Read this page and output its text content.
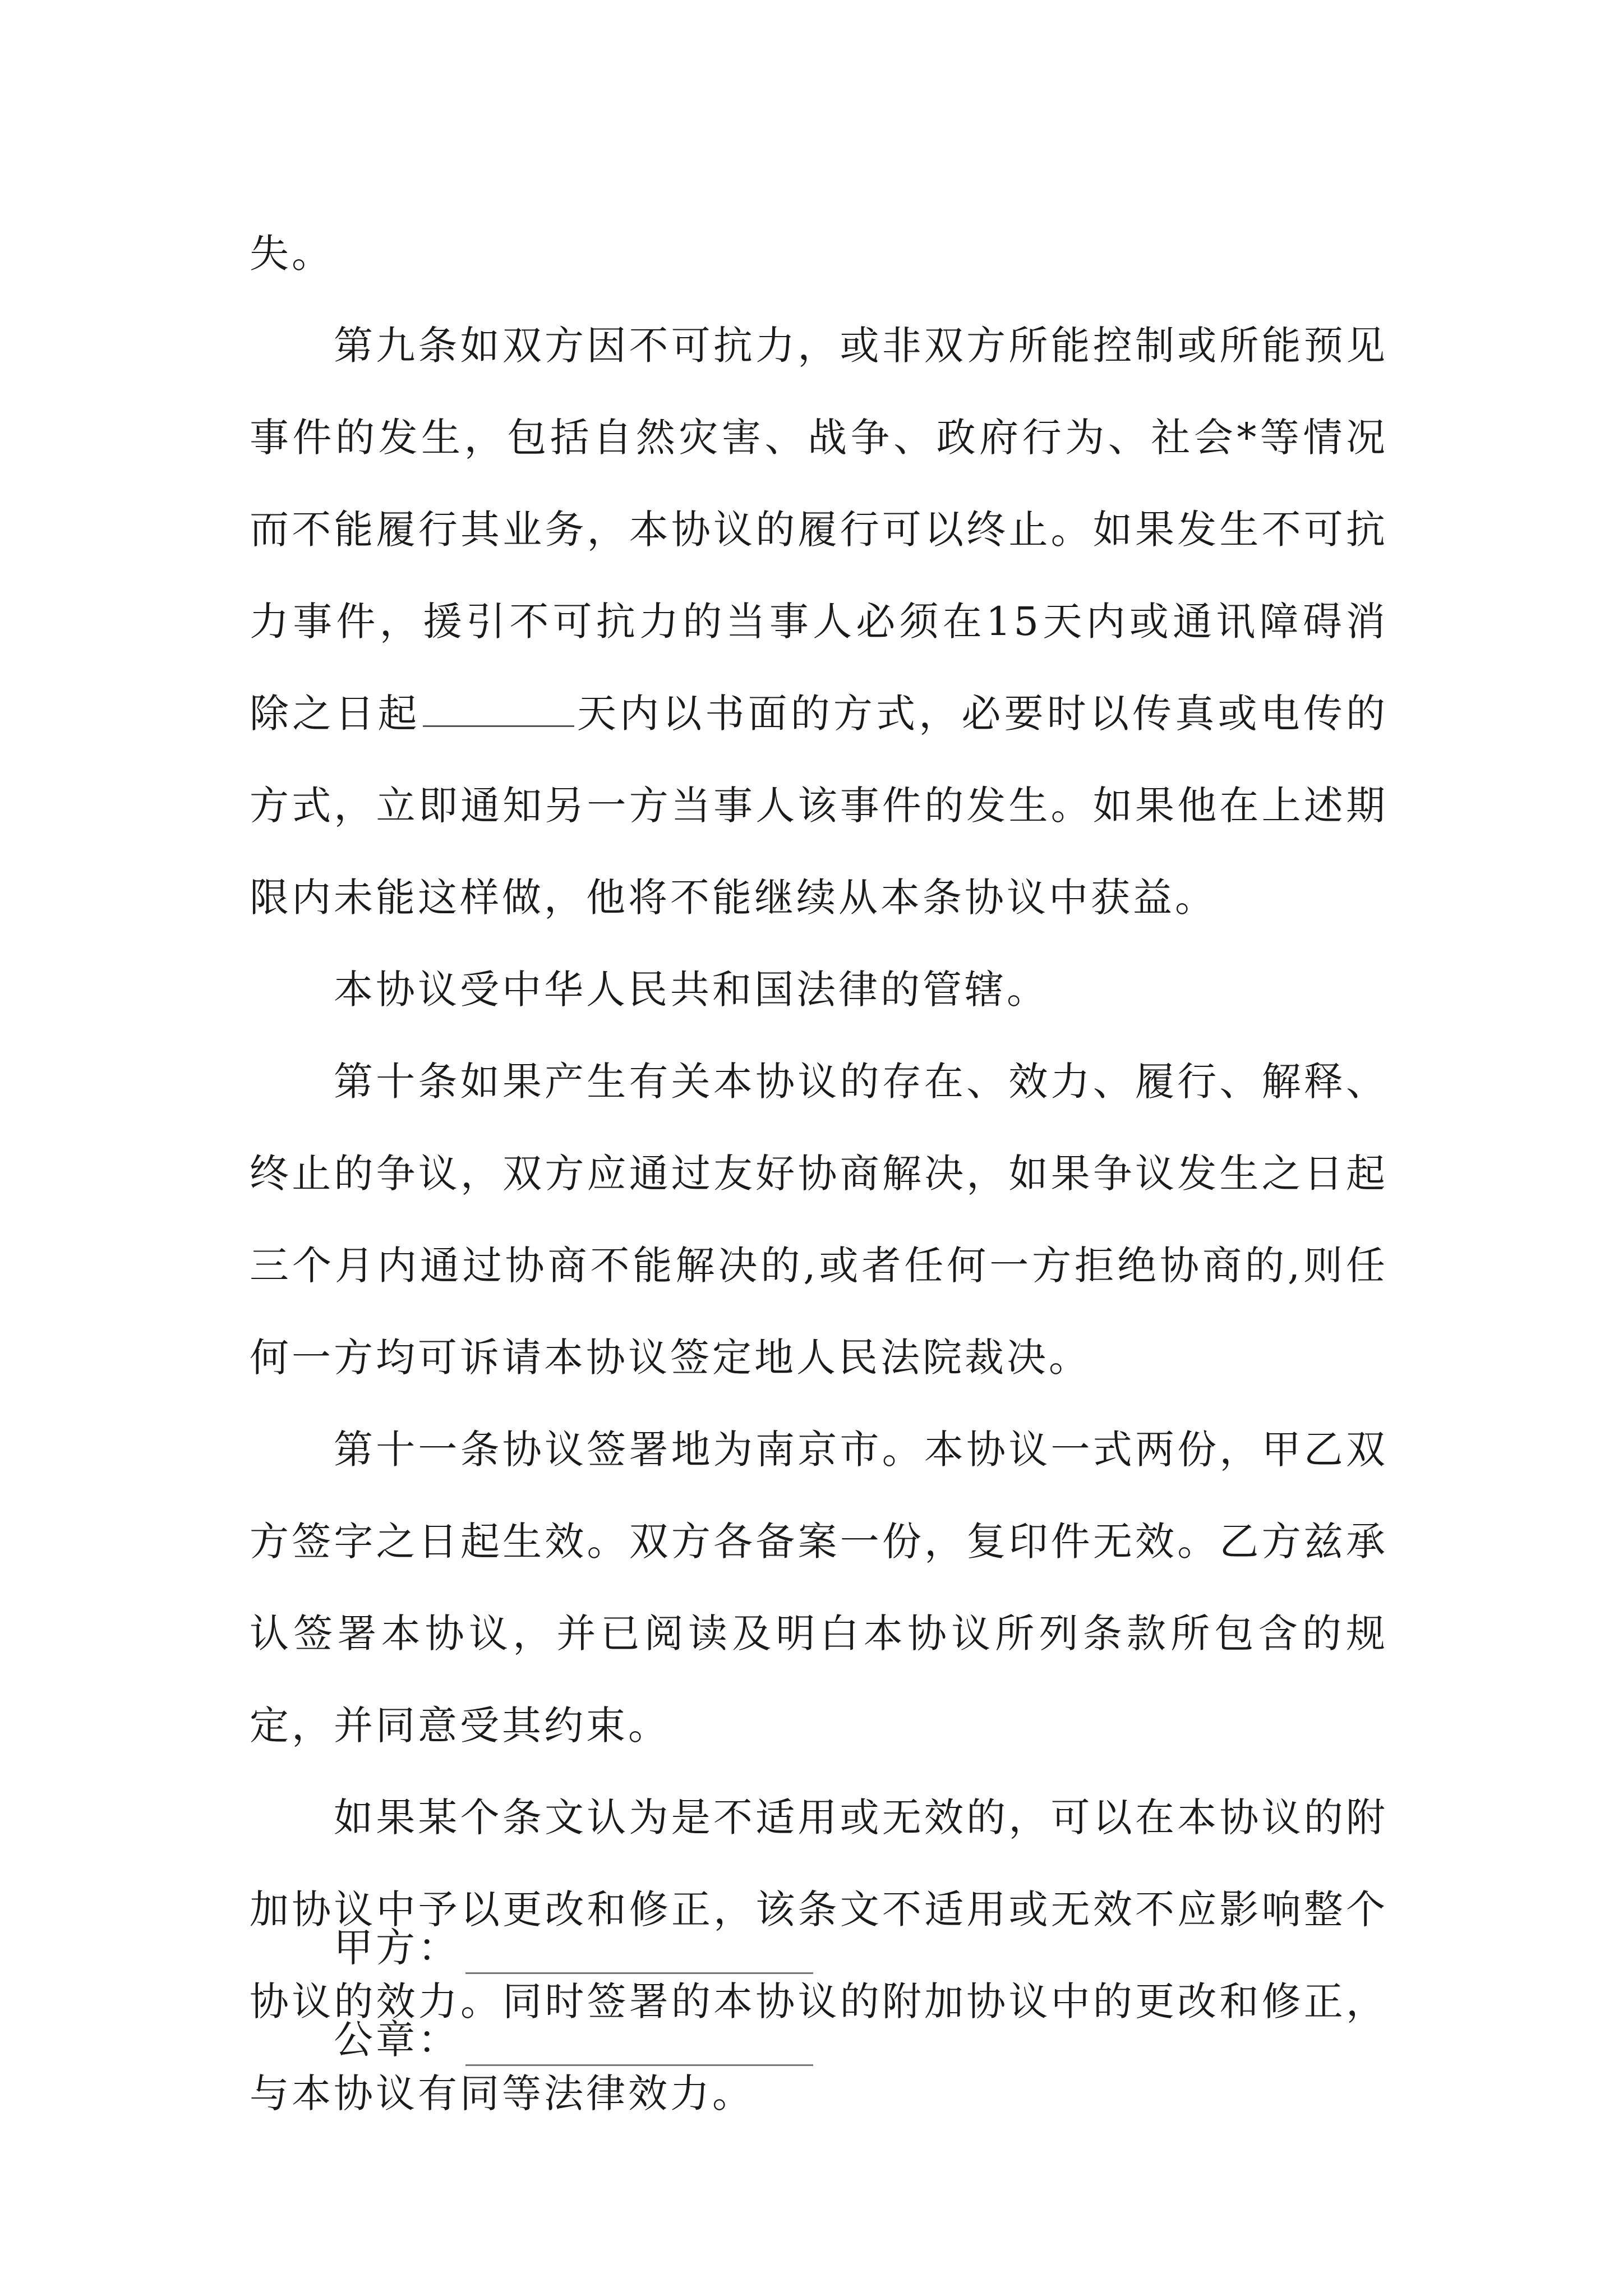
失。

第九条如双方因不可抗力，或非双方所能控制或所能预见事件的发生，包括自然灾害、战争、政府行为、社会*等情况而不能履行其业务，本协议的履行可以终止。如果发生不可抗力事件，援引不可抗力的当事人必须在15天内或通讯障碍消除之日起	天内以书面的方式，必要时以传真或电传的方式，立即通知另一方当事人该事件的发生。如果他在上述期限内未能这样做，他将不能继续从本条协议中获益。

本协议受中华人民共和国法律的管辖。

第十条如果产生有关本协议的存在、效力、履行、解释、终止的争议，双方应通过友好协商解决，如果争议发生之日起三个月内通过协商不能解决的,或者任何一方拒绝协商的,则任何一方均可诉请本协议签定地人民法院裁决。

第十一条协议签署地为南京市。本协议一式两份，甲乙双方签字之日起生效。双方各备案一份，复印件无效。乙方兹承认签署本协议，并已阅读及明白本协议所列条款所包含的规定，并同意受其约束。

如果某个条文认为是不适用或无效的，可以在本协议的附加协议中予以更改和修正，该条文不适用或无效不应影响整个协议的效力。同时签署的本协议的附加协议中的更改和修正，与本协议有同等法律效力。

甲方：
公章：
